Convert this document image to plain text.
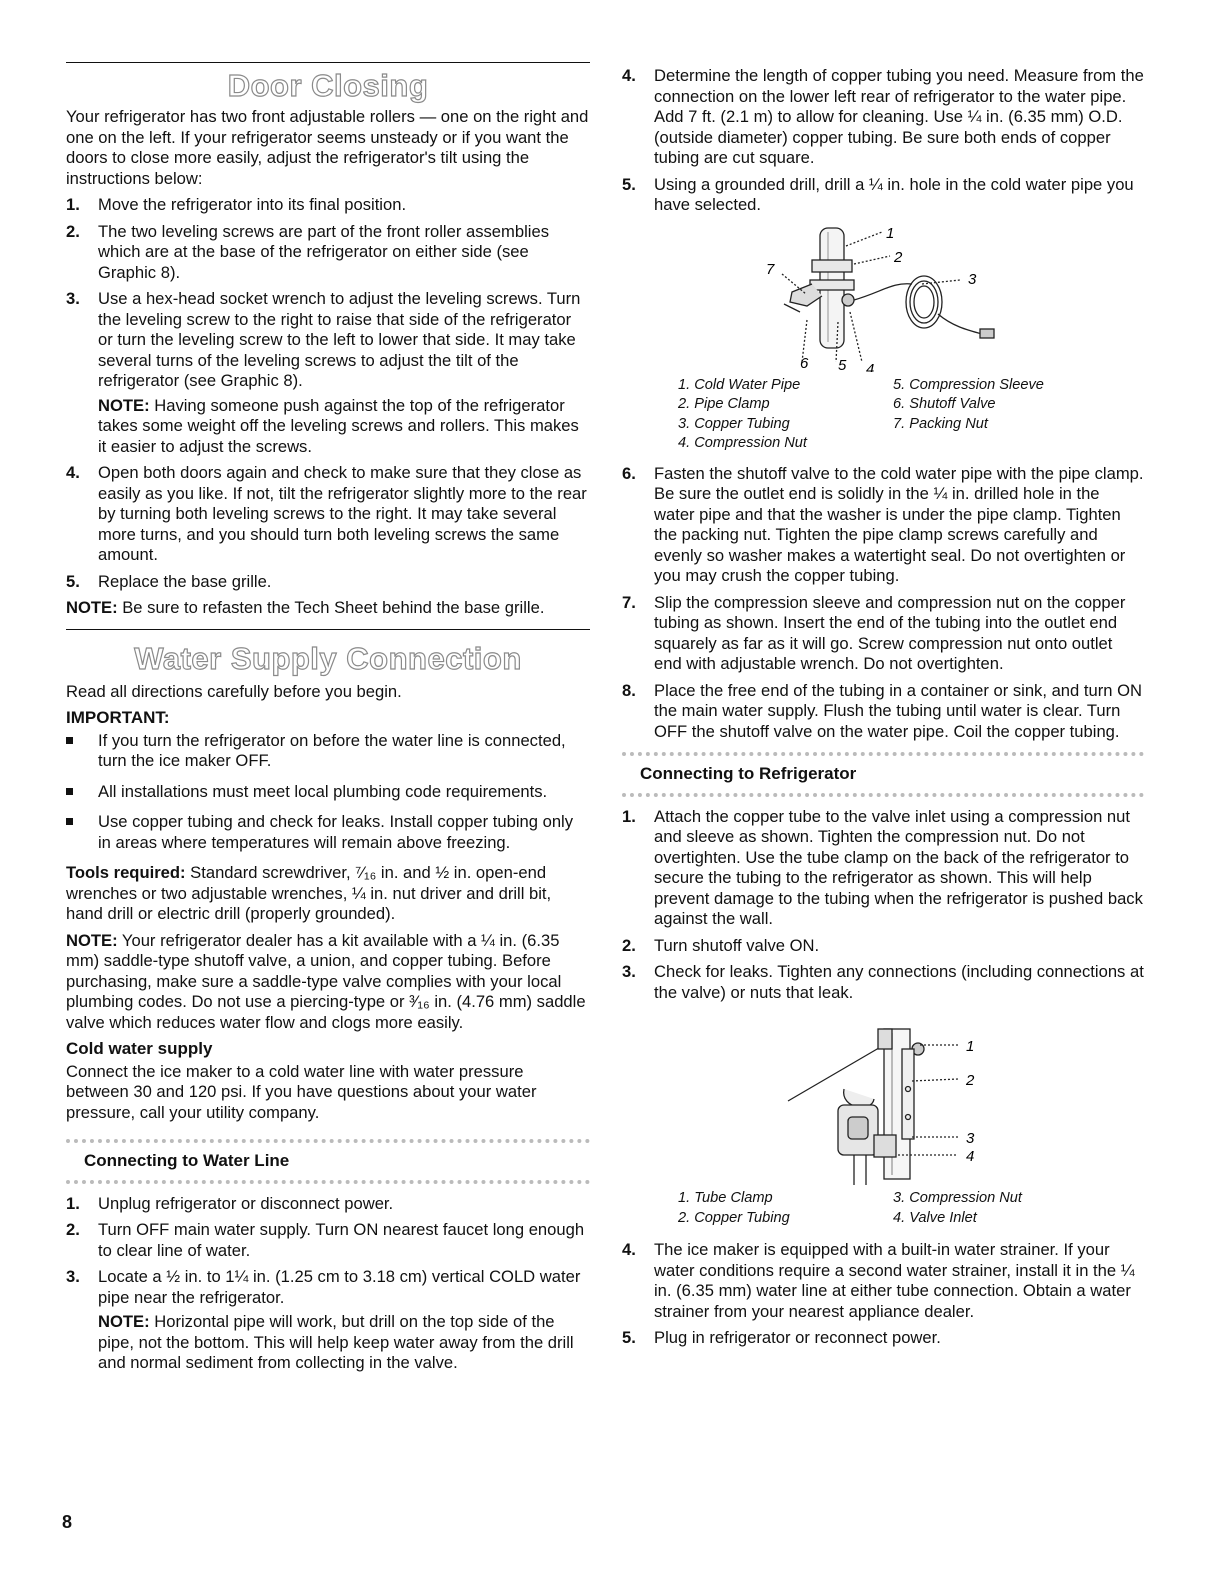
Door Closing

Your refrigerator has two front adjustable rollers — one on the right and one on the left. If your refrigerator seems unsteady or if you want the doors to close more easily, adjust the refrigerator's tilt using the instructions below:

1. Move the refrigerator into its final position.
2. The two leveling screws are part of the front roller assemblies which are at the base of the refrigerator on either side (see Graphic 8).
3. Use a hex-head socket wrench to adjust the leveling screws. Turn the leveling screw to the right to raise that side of the refrigerator or turn the leveling screw to the left to lower that side. It may take several turns of the leveling screws to adjust the tilt of the refrigerator (see Graphic 8).
NOTE: Having someone push against the top of the refrigerator takes some weight off the leveling screws and rollers. This makes it easier to adjust the screws.
4. Open both doors again and check to make sure that they close as easily as you like. If not, tilt the refrigerator slightly more to the rear by turning both leveling screws to the right. It may take several more turns, and you should turn both leveling screws the same amount.
5. Replace the base grille.

NOTE: Be sure to refasten the Tech Sheet behind the base grille.

Water Supply Connection

Read all directions carefully before you begin.

IMPORTANT:
If you turn the refrigerator on before the water line is connected, turn the ice maker OFF.
All installations must meet local plumbing code requirements.
Use copper tubing and check for leaks. Install copper tubing only in areas where temperatures will remain above freezing.

Tools required: Standard screwdriver, ⁷⁄₁₆ in. and ½ in. open-end wrenches or two adjustable wrenches, ¼ in. nut driver and drill bit, hand drill or electric drill (properly grounded).

NOTE: Your refrigerator dealer has a kit available with a ¼ in. (6.35 mm) saddle-type shutoff valve, a union, and copper tubing. Before purchasing, make sure a saddle-type valve complies with your local plumbing codes. Do not use a piercing-type or ³⁄₁₆ in. (4.76 mm) saddle valve which reduces water flow and clogs more easily.

Cold water supply

Connect the ice maker to a cold water line with water pressure between 30 and 120 psi. If you have questions about your water pressure, call your utility company.

Connecting to Water Line
1. Unplug refrigerator or disconnect power.
2. Turn OFF main water supply. Turn ON nearest faucet long enough to clear line of water.
3. Locate a ½ in. to 1¼ in. (1.25 cm to 3.18 cm) vertical COLD water pipe near the refrigerator.
NOTE: Horizontal pipe will work, but drill on the top side of the pipe, not the bottom. This will help keep water away from the drill and normal sediment from collecting in the valve.
4. Determine the length of copper tubing you need. Measure from the connection on the lower left rear of refrigerator to the water pipe. Add 7 ft. (2.1 m) to allow for cleaning. Use ¼ in. (6.35 mm) O.D. (outside diameter) copper tubing. Be sure both ends of copper tubing are cut square.
5. Using a grounded drill, drill a ¼ in. hole in the cold water pipe you have selected.
1
2
3
4
5
6
7
1. Cold Water Pipe
2. Pipe Clamp
3. Copper Tubing
4. Compression Nut
5. Compression Sleeve
6. Shutoff Valve
7. Packing Nut
6. Fasten the shutoff valve to the cold water pipe with the pipe clamp. Be sure the outlet end is solidly in the ¼ in. drilled hole in the water pipe and that the washer is under the pipe clamp. Tighten the packing nut. Tighten the pipe clamp screws carefully and evenly so washer makes a watertight seal. Do not overtighten or you may crush the copper tubing.
7. Slip the compression sleeve and compression nut on the copper tubing as shown. Insert the end of the tubing into the outlet end squarely as far as it will go. Screw compression nut onto outlet end with adjustable wrench. Do not overtighten.
8. Place the free end of the tubing in a container or sink, and turn ON the main water supply. Flush the tubing until water is clear. Turn OFF the shutoff valve on the water pipe. Coil the copper tubing.
Connecting to Refrigerator
1. Attach the copper tube to the valve inlet using a compression nut and sleeve as shown. Tighten the compression nut. Do not overtighten. Use the tube clamp on the back of the refrigerator to secure the tubing to the refrigerator as shown. This will help prevent damage to the tubing when the refrigerator is pushed back against the wall.
2. Turn shutoff valve ON.
3. Check for leaks. Tighten any connections (including connections at the valve) or nuts that leak.
1
2
3
4
1. Tube Clamp
2. Copper Tubing
3. Compression Nut
4. Valve Inlet
4. The ice maker is equipped with a built-in water strainer. If your water conditions require a second water strainer, install it in the ¼ in. (6.35 mm) water line at either tube connection. Obtain a water strainer from your nearest appliance dealer.
5. Plug in refrigerator or reconnect power.
8
